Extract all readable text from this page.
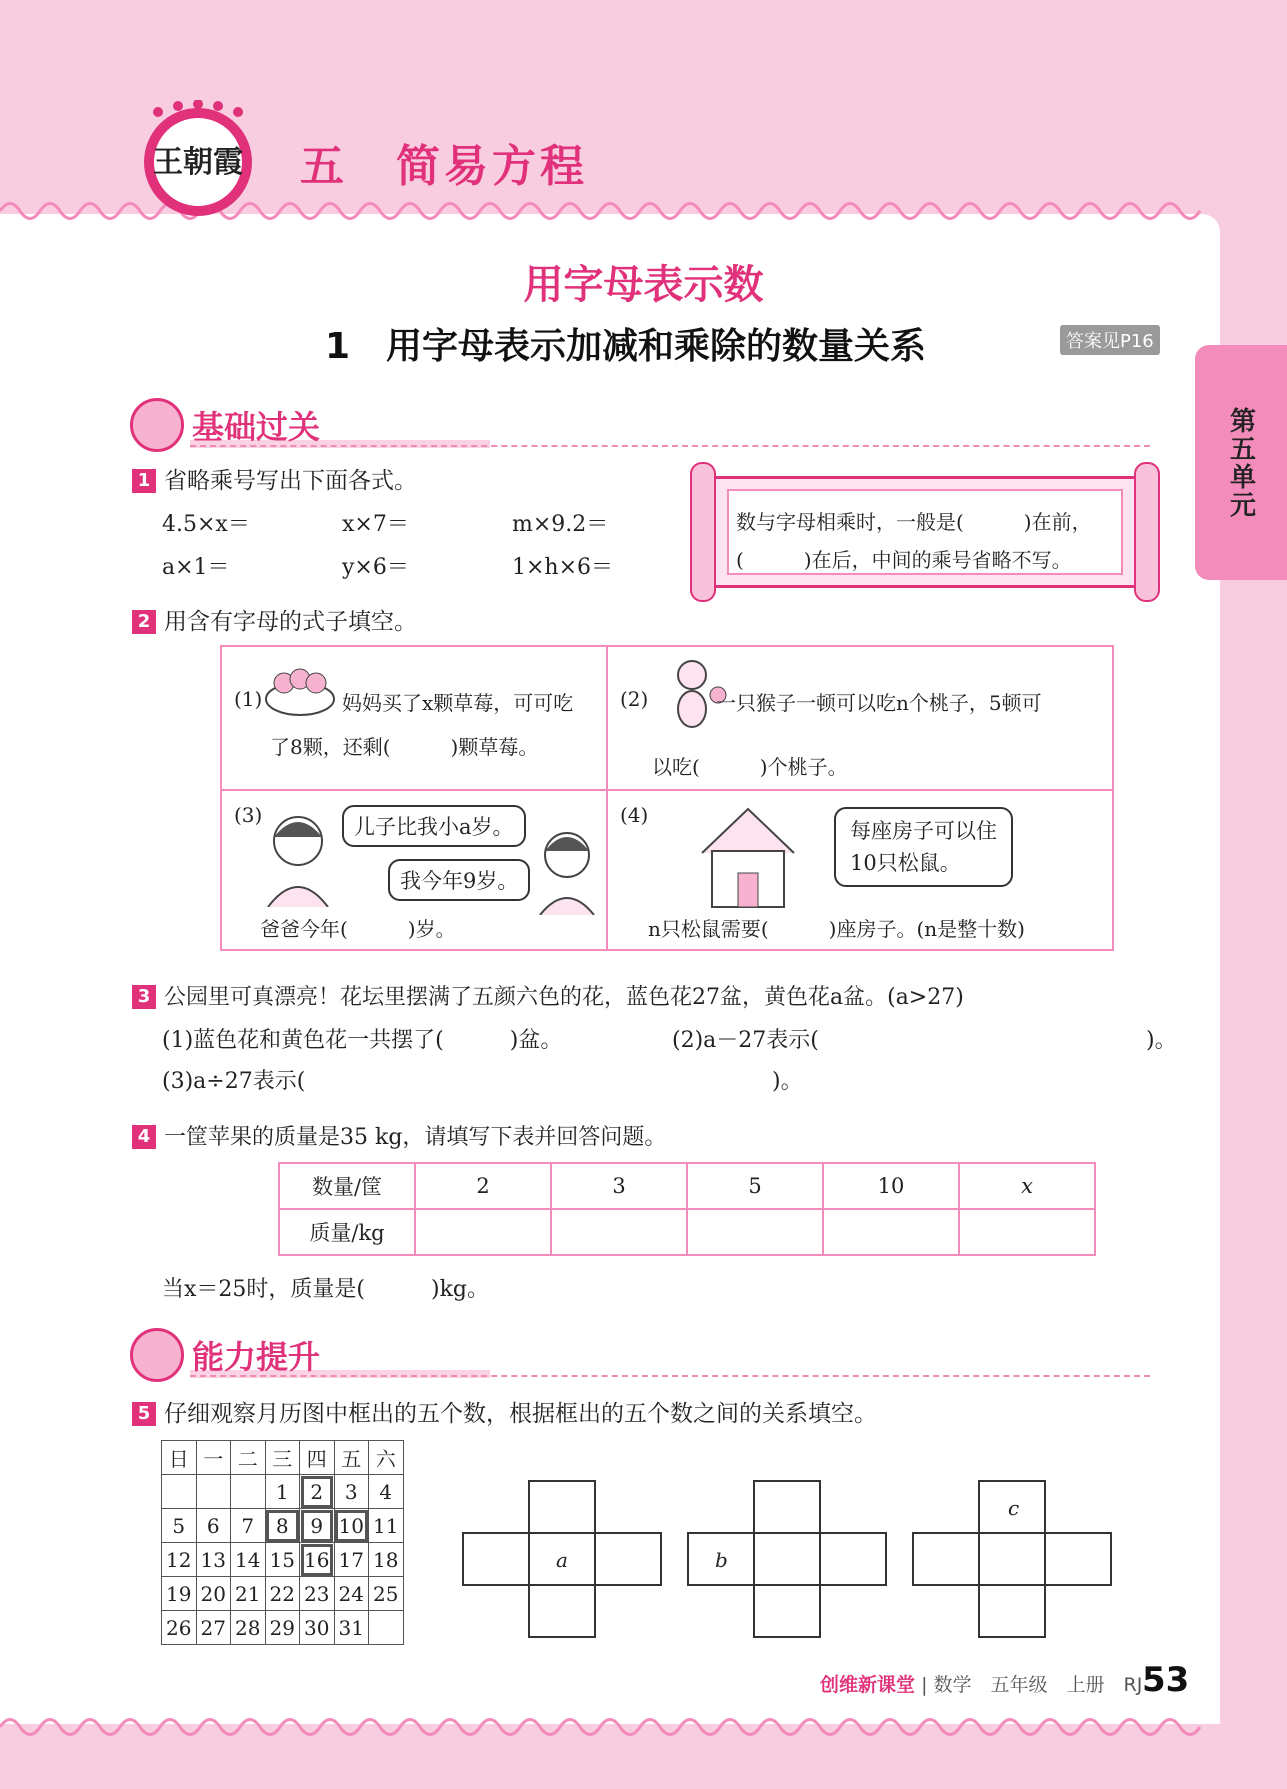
王朝霞 五　简易方程
第五单元
用字母表示数
1　用字母表示加减和乘除的数量关系	答案见P16
基础过关
1 省略乘号写出下面各式。
4.5×x＝	x×7＝	m×9.2＝
a×1＝	y×6＝	1×h×6＝
数与字母相乘时，一般是(　　　)在前，
(　　　)在后，中间的乘号省略不写。
2 用含有字母的式子填空。
(1)	妈妈买了x颗草莓，可可吃
了8颗，还剩(　　　)颗草莓。
(2)	一只猴子一顿可以吃n个桃子，5顿可
以吃(　　　)个桃子。
(3)	儿子比我小a岁。
我今年9岁。
爸爸今年(　　　)岁。
(4)
每座房子可以住
10只松鼠。
n只松鼠需要(　　　)座房子。(n是整十数)
3 公园里可真漂亮！花坛里摆满了五颜六色的花，蓝色花27盆，黄色花a盆。(a>27)
(1)蓝色花和黄色花一共摆了(　　　)盆。	(2)a－27表示(	)。
(3)a÷27表示(	)。
4 一筐苹果的质量是35 kg，请填写下表并回答问题。
数量/筐	2	3	5	10	x
质量/kg					
当x＝25时，质量是(　　　)kg。
能力提升
5 仔细观察月历图中框出的五个数，根据框出的五个数之间的关系填空。
日	一	二	三	四	五	六
			1	2	3	4
5	6	7	8	9	10	11
12	13	14	15	16	17	18
19	20	21	22	23	24	25
26	27	28	29	30	31	
a	b
c
创维新课堂 | 数学　五年级　上册　RJ 53
